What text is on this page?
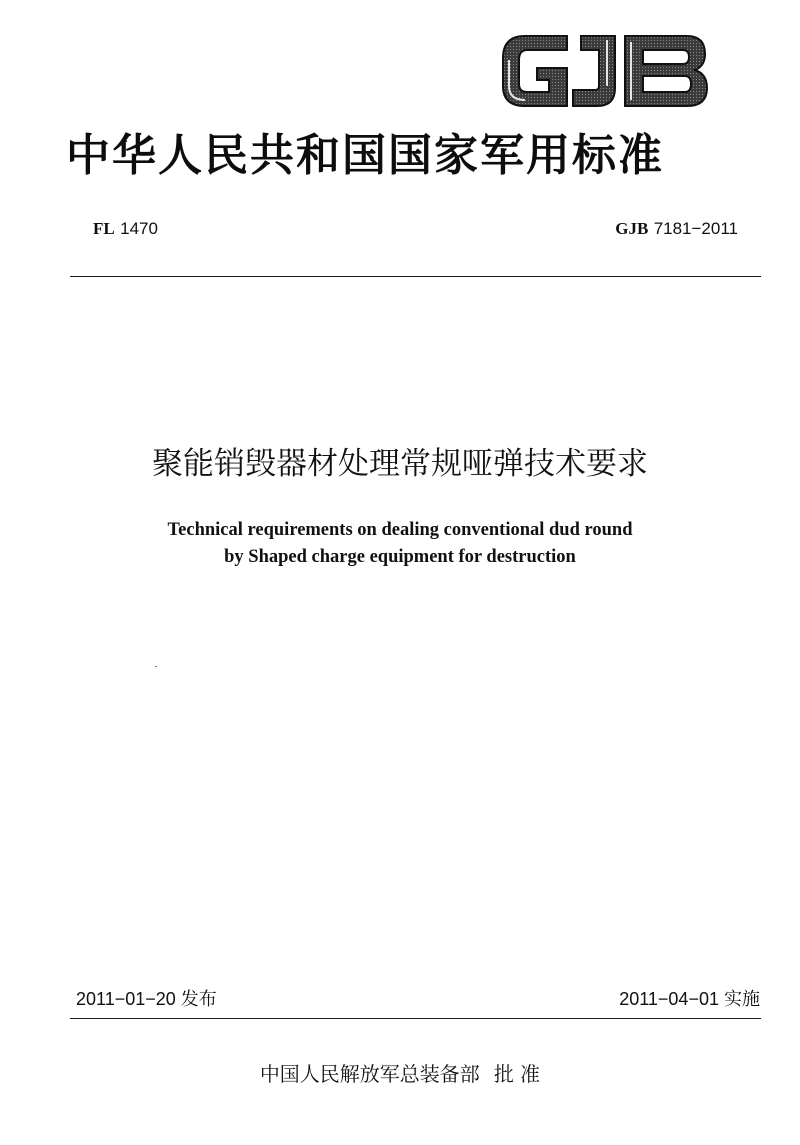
中华人民共和国国家军用标准
FL 1470	GJB 7181−2011
聚能销毁器材处理常规哑弹技术要求
Technical requirements on dealing conventional dud round
by Shaped charge equipment for destruction
2011−01−20 发布	2011−04−01 实施
中国人民解放军总装备部 批 准
